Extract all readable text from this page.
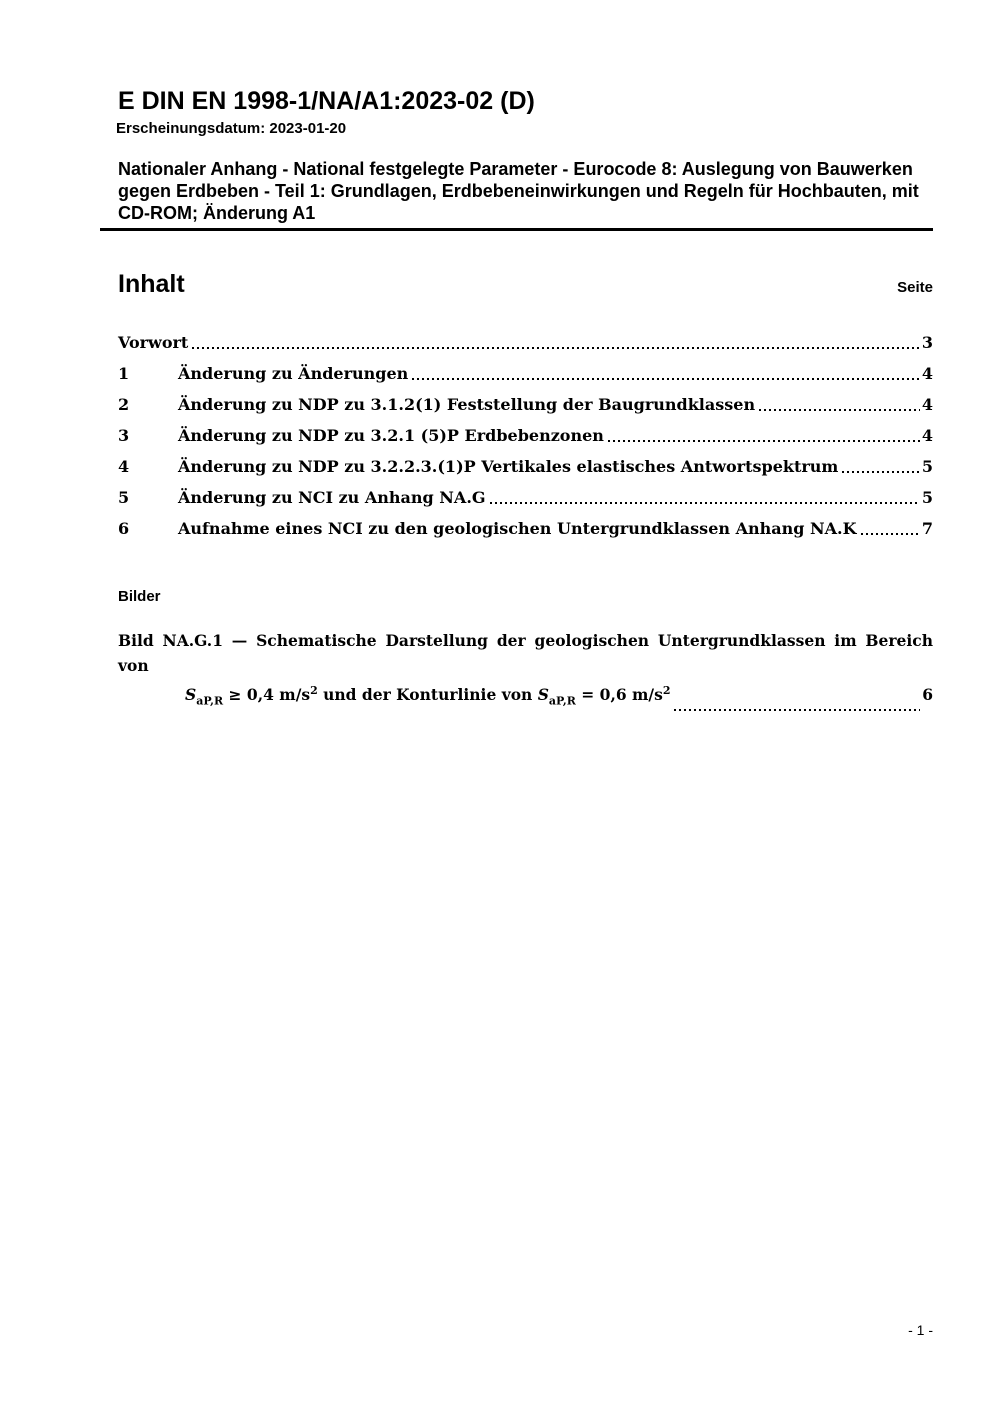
E DIN EN 1998-1/NA/A1:2023-02 (D)
Erscheinungsdatum: 2023-01-20
Nationaler Anhang - National festgelegte Parameter - Eurocode 8: Auslegung von Bauwerken gegen Erdbeben - Teil 1: Grundlagen, Erdbebeneinwirkungen und Regeln für Hochbauten, mit CD-ROM; Änderung A1
Inhalt	Seite
Vorwort	3
1	Änderung zu Änderungen	4
2	Änderung zu NDP zu 3.1.2(1) Feststellung der Baugrundklassen	4
3	Änderung zu NDP zu 3.2.1 (5)P Erdbebenzonen	4
4	Änderung zu NDP zu 3.2.2.3.(1)P Vertikales elastisches Antwortspektrum	5
5	Änderung zu NCI zu Anhang NA.G	5
6	Aufnahme eines NCI zu den geologischen Untergrundklassen Anhang NA.K	7
Bilder
Bild NA.G.1 — Schematische Darstellung der geologischen Untergrundklassen im Bereich von
$S_{aP,R} \ge 0,4$ $m/s^2$ und der Konturlinie von $S_{aP,R} = 0,6$ $m/s^2$	6
- 1 -
